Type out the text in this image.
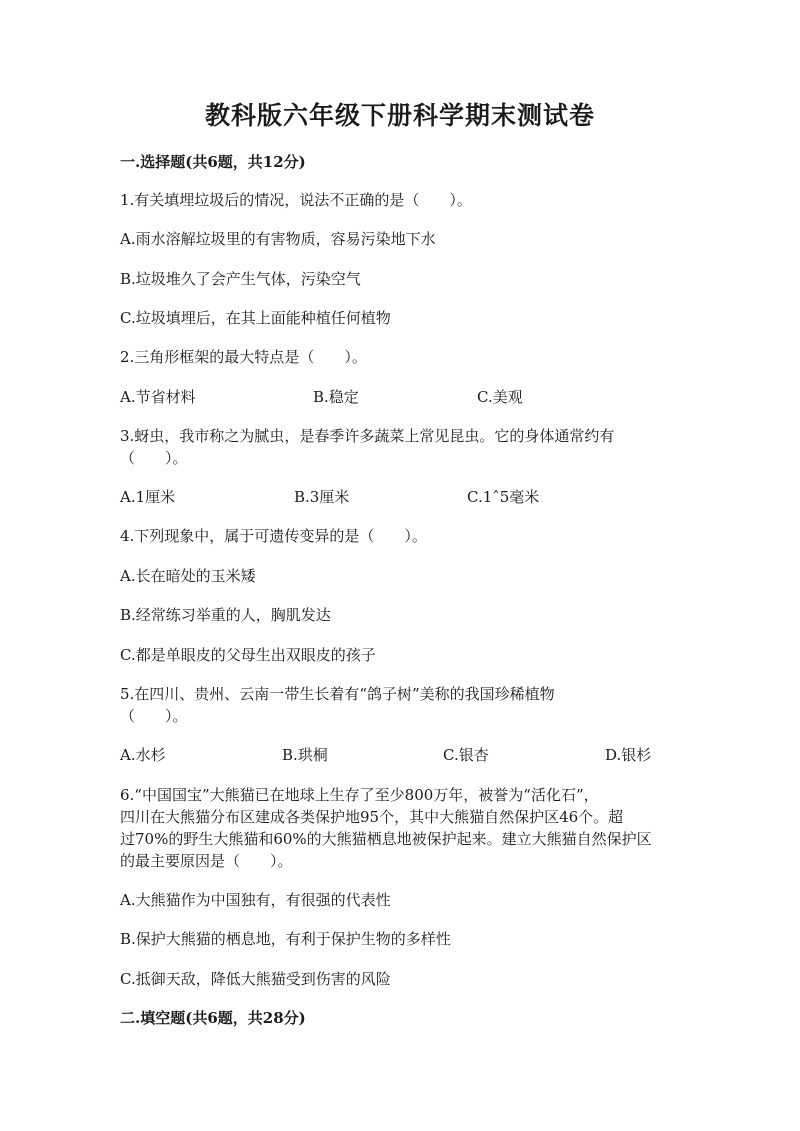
教科版六年级下册科学期末测试卷
一.选择题(共6题，共12分)
1.有关填埋垃圾后的情况，说法不正确的是（　　）。
A.雨水溶解垃圾里的有害物质，容易污染地下水
B.垃圾堆久了会产生气体，污染空气
C.垃圾填埋后，在其上面能种植任何植物
2.三角形框架的最大特点是（　　）。
A.节省材料	B.稳定	C.美观
3.蚜虫，我市称之为腻虫，是春季许多蔬菜上常见昆虫。它的身体通常约有
（　　）。
A.1厘米	B.3厘米	C.1ˆ5毫米
4.下列现象中，属于可遗传变异的是（　　）。
A.长在暗处的玉米矮
B.经常练习举重的人，胸肌发达
C.都是单眼皮的父母生出双眼皮的孩子
5.在四川、贵州、云南一带生长着有“鸽子树”美称的我国珍稀植物
（　　）。
A.水杉	B.珙桐	C.银杏	D.银杉
6.“中国国宝”大熊猫已在地球上生存了至少800万年，被誉为“活化石”，
四川在大熊猫分布区建成各类保护地95个，其中大熊猫自然保护区46个。超
过70%的野生大熊猫和60%的大熊猫栖息地被保护起来。建立大熊猫自然保护区
的最主要原因是（　　）。
A.大熊猫作为中国独有，有很强的代表性
B.保护大熊猫的栖息地，有利于保护生物的多样性
C.抵御天敌，降低大熊猫受到伤害的风险
二.填空题(共6题，共28分)
